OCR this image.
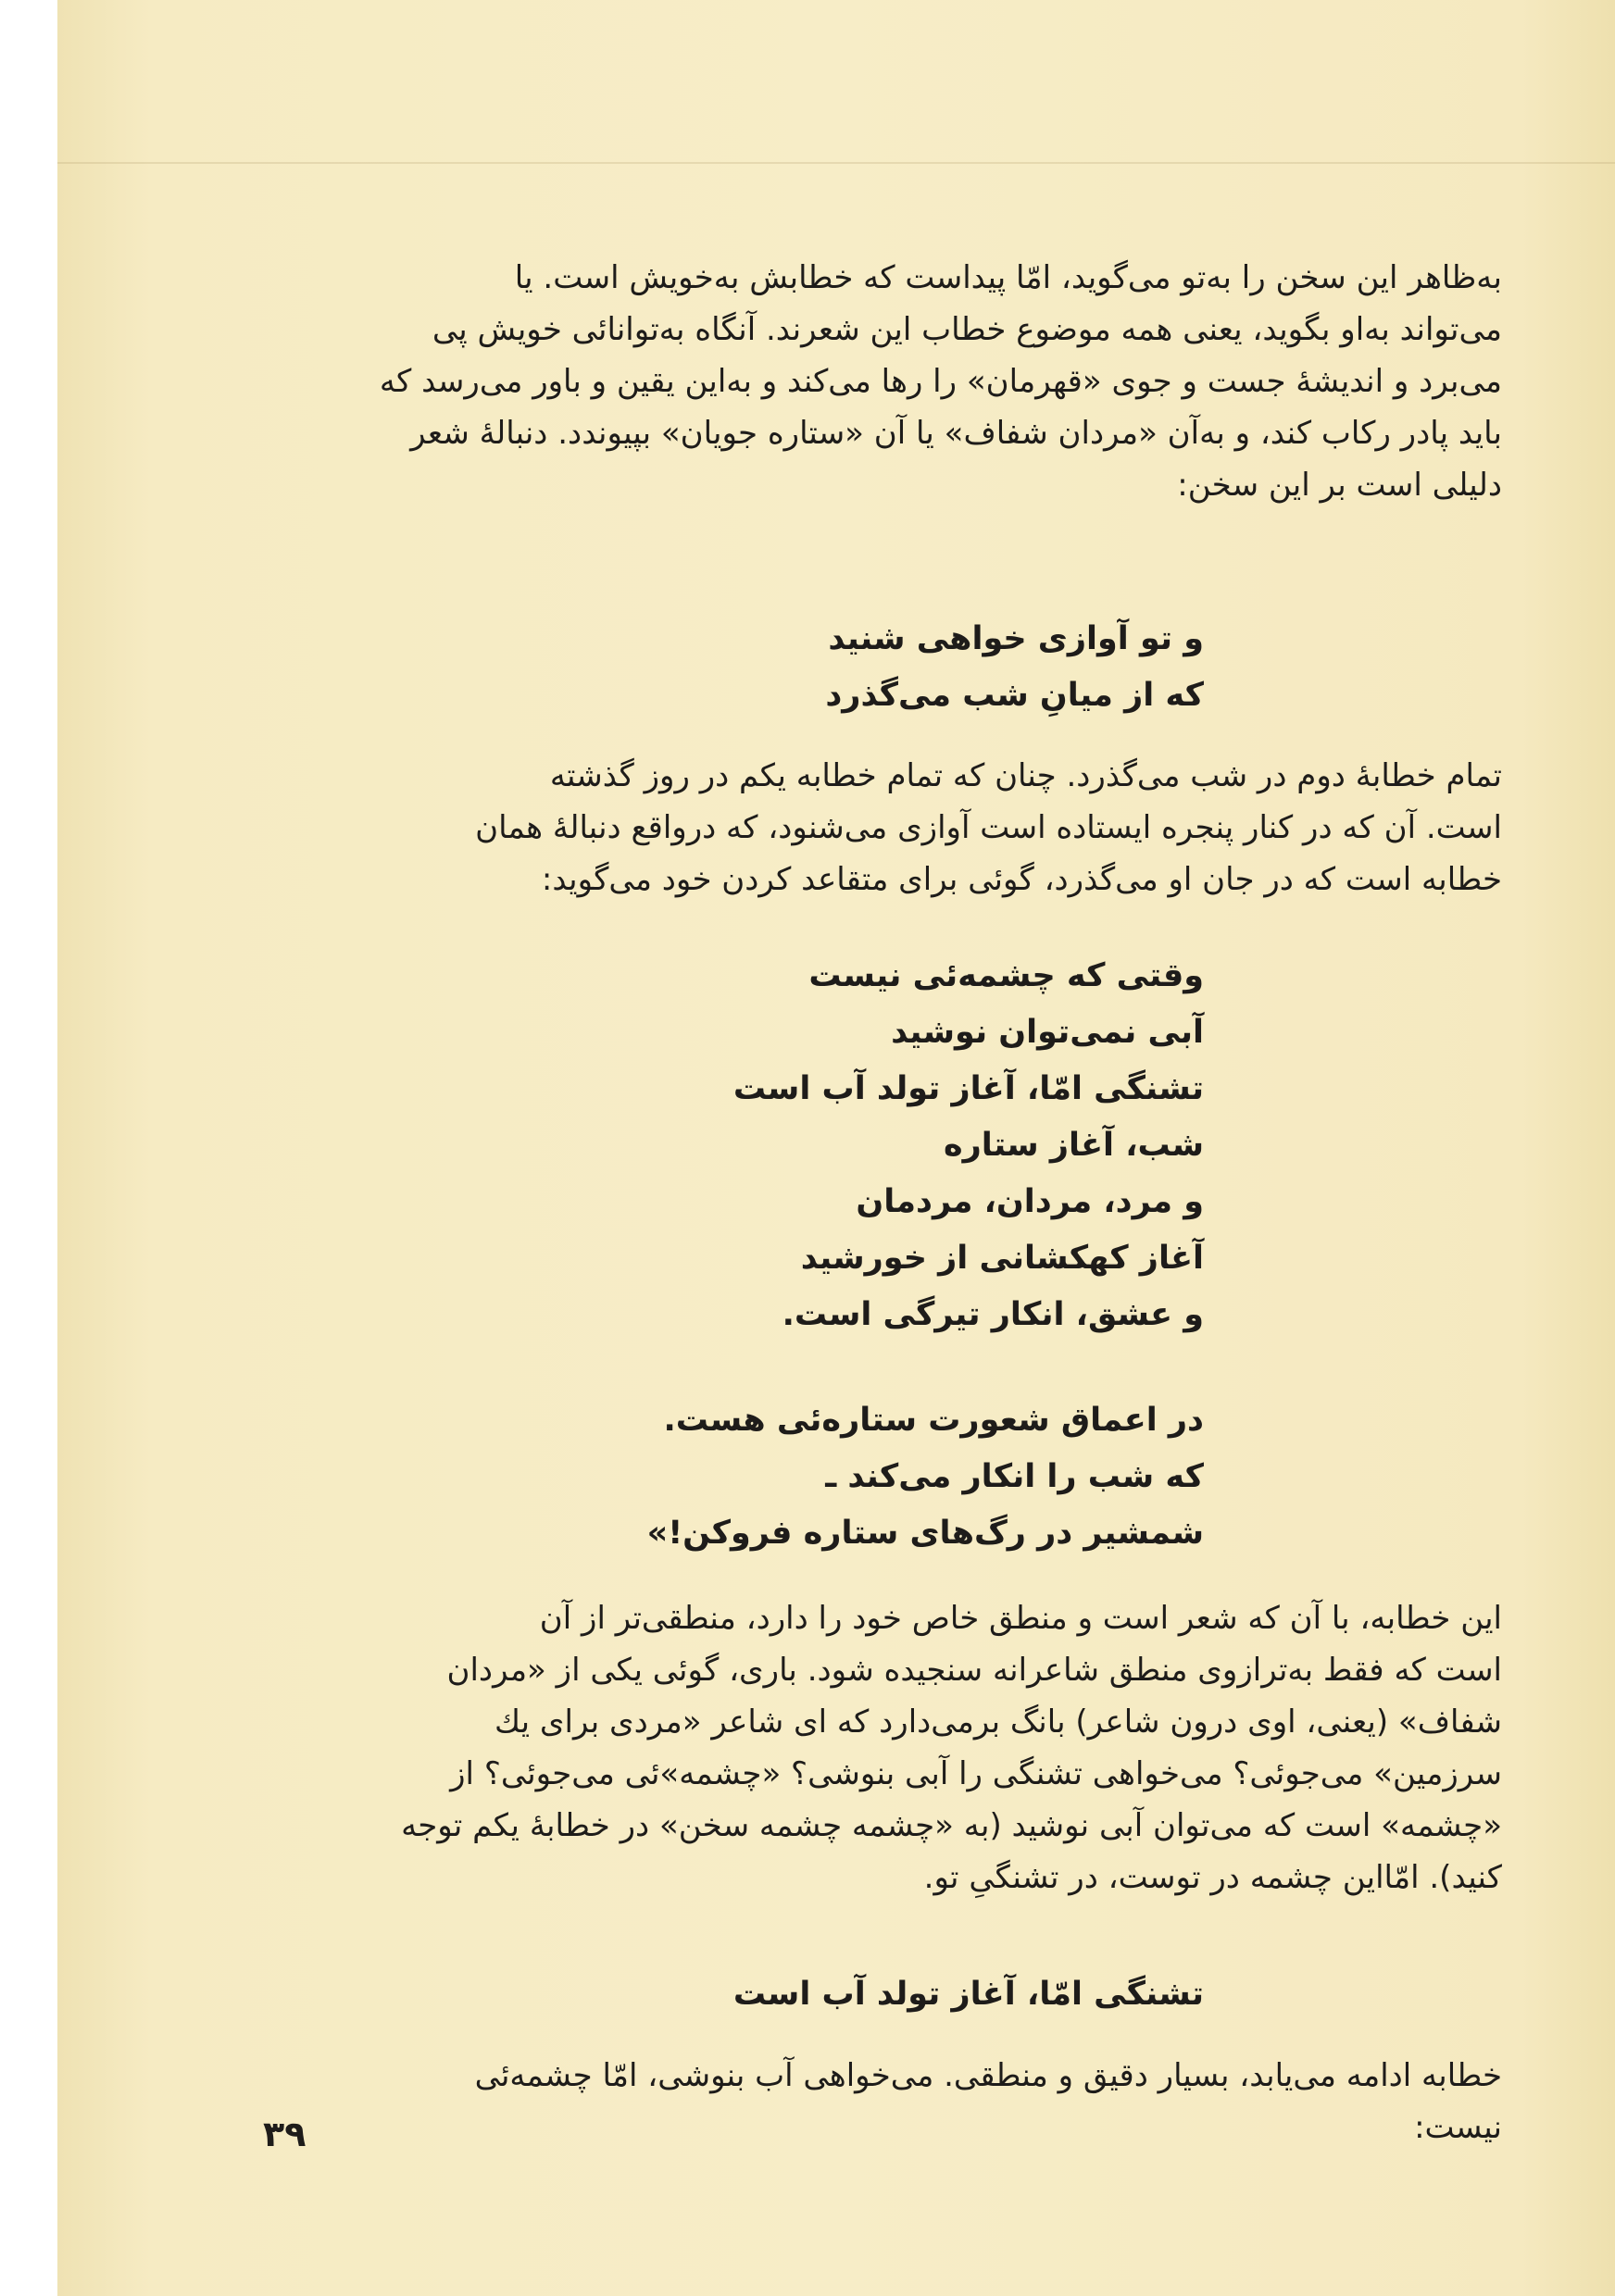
به‌ظاهر این سخن را به‌تو می‌گوید، امّا پیداست که خطابش به‌خویش است. یا
می‌تواند به‌او بگوید، یعنی همه موضوع خطاب این شعرند. آنگاه به‌توانائی خویش پی
می‌برد و اندیشهٔ جست و جوی «قهرمان» را رها می‌کند و به‌این یقین و باور می‌رسد که
باید پادر رکاب کند، و به‌آن «مردان شفاف» یا آن «ستاره جویان» بپیوندد. دنبالهٔ شعر
دلیلی است بر این سخن:
و تو آوازی خواهی شنید
که از میانِ شب می‌گذرد
تمام خطابهٔ دوم در شب می‌گذرد. چنان که تمام خطابه یکم در روز گذشته
است. آن که در کنار پنجره ایستاده است آوازی می‌شنود، که درواقع دنبالهٔ همان
خطابه است که در جان او می‌گذرد، گوئی برای متقاعد کردن خود می‌گوید:
وقتی که چشمه‌ئی نیست
آبی نمی‌توان نوشید
تشنگی امّا، آغاز تولد آب است
شب، آغاز ستاره
و مرد، مردان، مردمان
آغاز کهکشانی از خورشید
و عشق، انکار تیرگی است.
در اعماق شعورت ستاره‌ئی هست.
که شب را انکار می‌کند ـ
شمشیر در رگ‌های ستاره فروکن!»
این خطابه، با آن که شعر است و منطق خاص خود را دارد، منطقی‌تر از آن
است که فقط به‌ترازوی منطق شاعرانه سنجیده شود. باری، گوئی یکی از «مردان
شفاف» (یعنی، اوی درون شاعر) بانگ برمی‌دارد که ای شاعر «مردی برای یك
سرزمین» می‌جوئی؟ می‌خواهی تشنگی را آبی بنوشی؟ «چشمه»ئی می‌جوئی؟ از
«چشمه» است که می‌توان آبی نوشید (به «چشمه چشمه سخن» در خطابهٔ یکم توجه
کنید). امّااین چشمه در توست، در تشنگیِ تو.
تشنگی امّا، آغاز تولد آب است
خطابه ادامه می‌یابد، بسیار دقیق و منطقی. می‌خواهی آب بنوشی، امّا چشمه‌ئی
نیست:
۳۹
